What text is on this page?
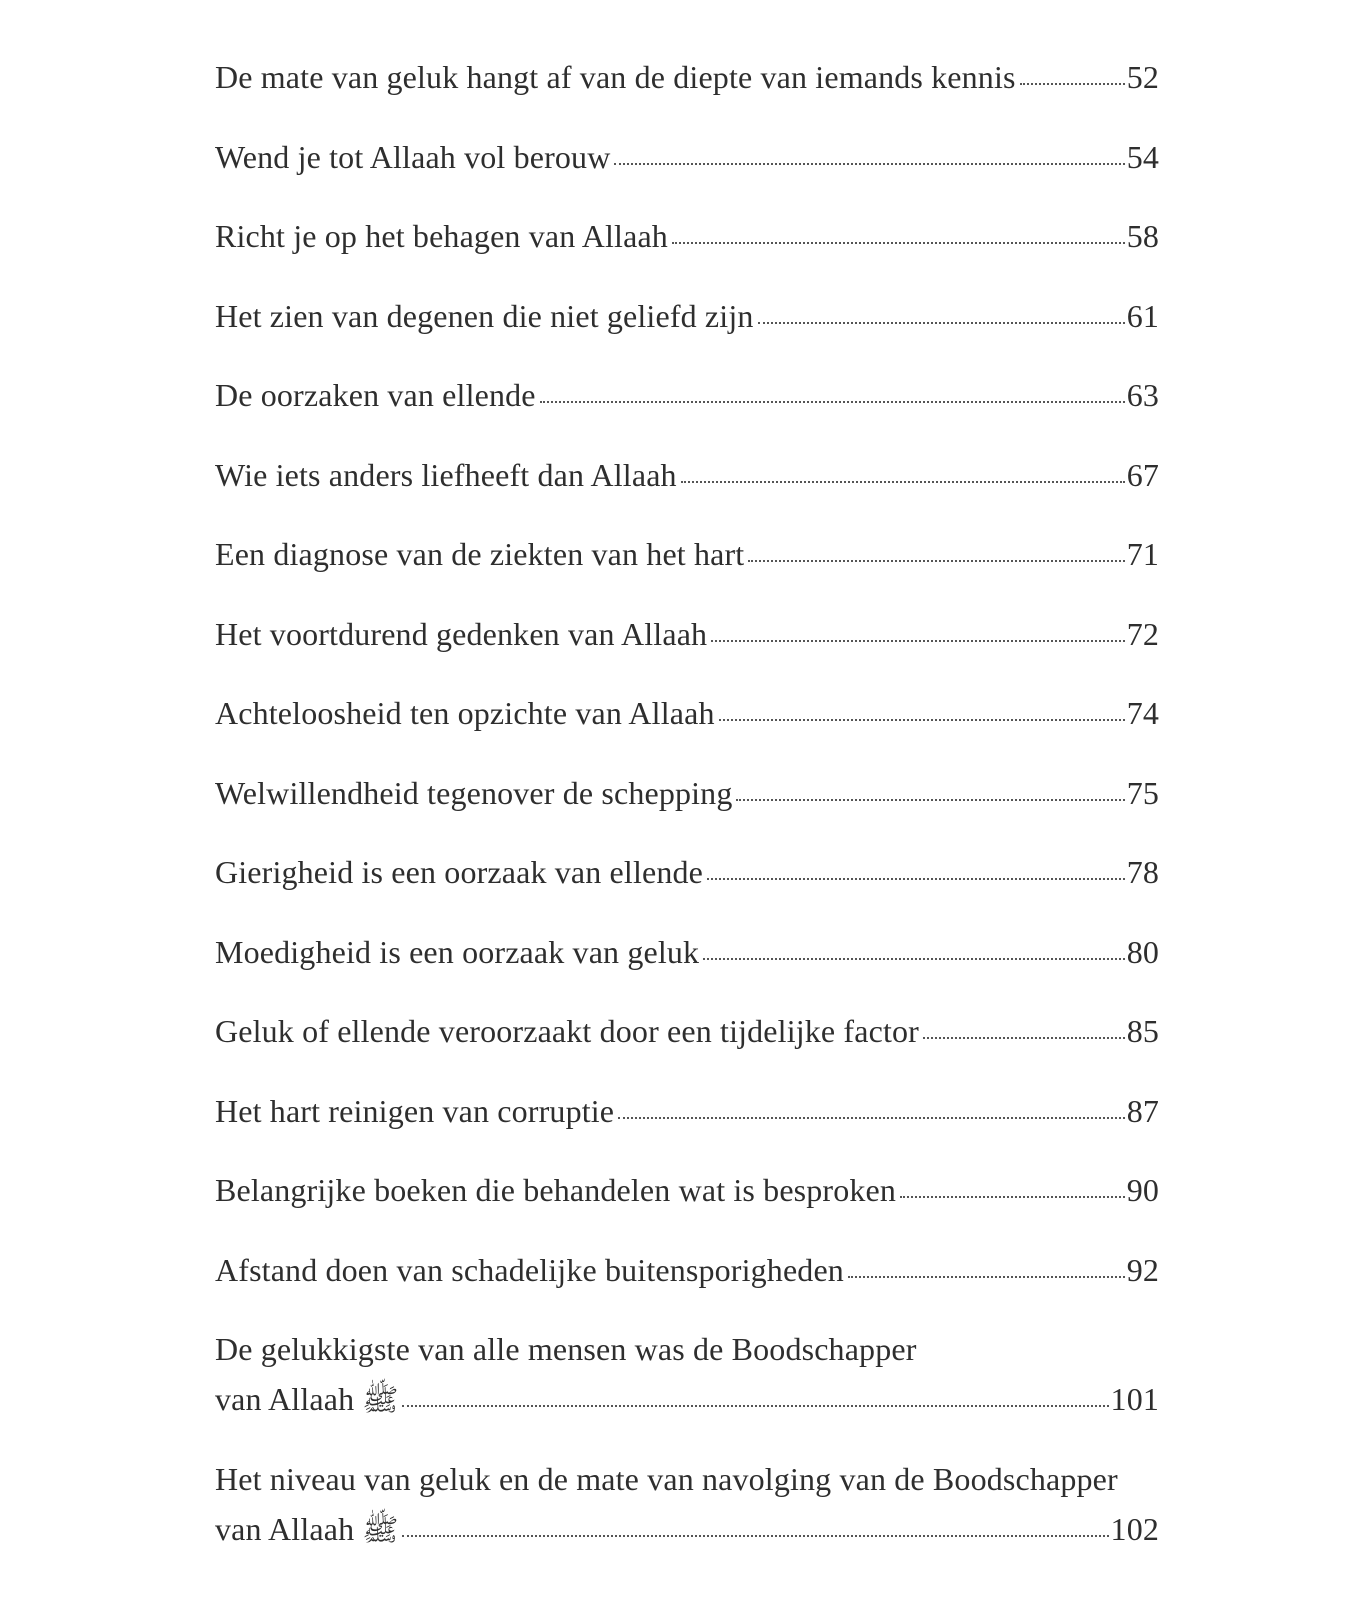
De mate van geluk hangt af van de diepte van iemands kennis	52
Wend je tot Allaah vol berouw	54
Richt je op het behagen van Allaah	58
Het zien van degenen die niet geliefd zijn	61
De oorzaken van ellende	63
Wie iets anders liefheeft dan Allaah	67
Een diagnose van de ziekten van het hart	71
Het voortdurend gedenken van Allaah	72
Achteloosheid ten opzichte van Allaah	74
Welwillendheid tegenover de schepping	75
Gierigheid is een oorzaak van ellende	78
Moedigheid is een oorzaak van geluk	80
Geluk of ellende veroorzaakt door een tijdelijke factor	85
Het hart reinigen van corruptie	87
Belangrijke boeken die behandelen wat is besproken	90
Afstand doen van schadelijke buitensporigheden	92
De gelukkigste van alle mensen was de Boodschapper
van Allaah ﷺ	101
Het niveau van geluk en de mate van navolging van de Boodschapper
van Allaah ﷺ	102
